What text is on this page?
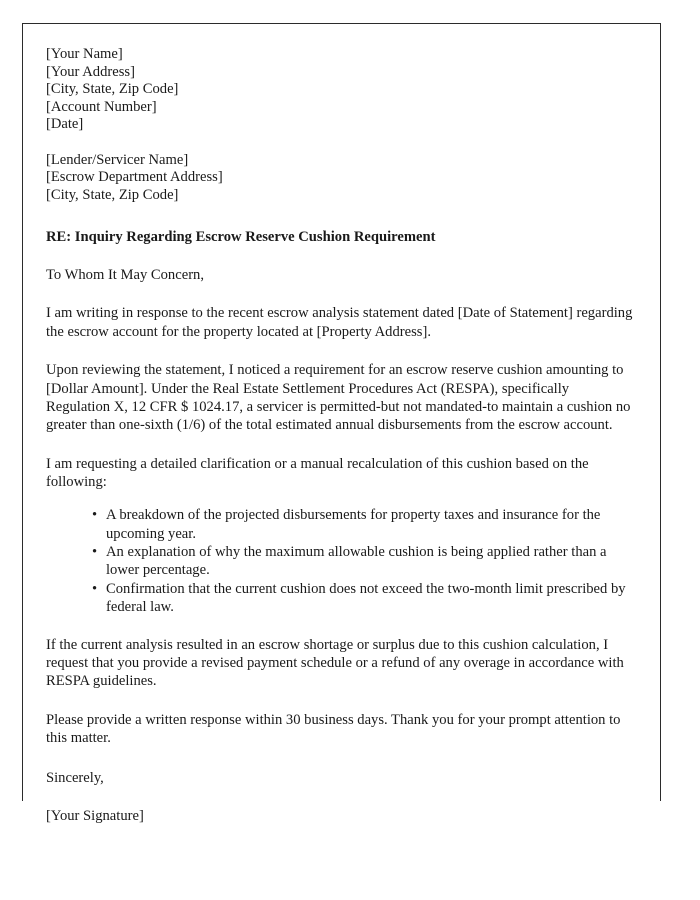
[Your Name]
[Your Address]
[City, State, Zip Code]
[Account Number]
[Date]
[Lender/Servicer Name]
[Escrow Department Address]
[City, State, Zip Code]
RE: Inquiry Regarding Escrow Reserve Cushion Requirement
To Whom It May Concern,

I am writing in response to the recent escrow analysis statement dated [Date of Statement] regarding the escrow account for the property located at [Property Address].

Upon reviewing the statement, I noticed a requirement for an escrow reserve cushion amounting to [Dollar Amount]. Under the Real Estate Settlement Procedures Act (RESPA), specifically Regulation X, 12 CFR $ 1024.17, a servicer is permitted-but not mandated-to maintain a cushion no greater than one-sixth (1/6) of the total estimated annual disbursements from the escrow account.

I am requesting a detailed clarification or a manual recalculation of this cushion based on the following:

• A breakdown of the projected disbursements for property taxes and insurance for the upcoming year.
• An explanation of why the maximum allowable cushion is being applied rather than a lower percentage.
• Confirmation that the current cushion does not exceed the two-month limit prescribed by federal law.

If the current analysis resulted in an escrow shortage or surplus due to this cushion calculation, I request that you provide a revised payment schedule or a refund of any overage in accordance with RESPA guidelines.

Please provide a written response within 30 business days. Thank you for your prompt attention to this matter.

Sincerely,
[Your Signature]
